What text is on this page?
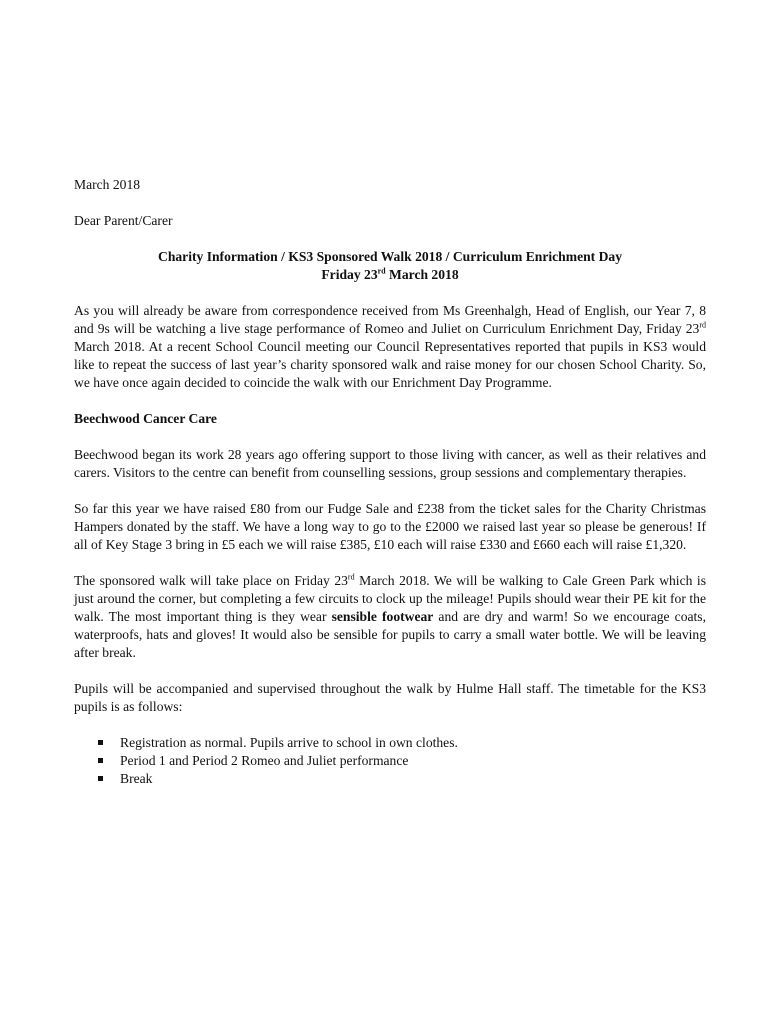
March 2018

Dear Parent/Carer

Charity Information / KS3 Sponsored Walk 2018 / Curriculum Enrichment Day
Friday 23rd March 2018

As you will already be aware from correspondence received from Ms Greenhalgh, Head of English, our Year 7, 8 and 9s will be watching a live stage performance of Romeo and Juliet on Curriculum Enrichment Day, Friday 23rd March 2018. At a recent School Council meeting our Council Representatives reported that pupils in KS3 would like to repeat the success of last year’s charity sponsored walk and raise money for our chosen School Charity. So, we have once again decided to coincide the walk with our Enrichment Day Programme.

Beechwood Cancer Care

Beechwood began its work 28 years ago offering support to those living with cancer, as well as their relatives and carers. Visitors to the centre can benefit from counselling sessions, group sessions and complementary therapies.

So far this year we have raised £80 from our Fudge Sale and £238 from the ticket sales for the Charity Christmas Hampers donated by the staff. We have a long way to go to the £2000 we raised last year so please be generous! If all of Key Stage 3 bring in £5 each we will raise £385, £10 each will raise £330 and £660 each will raise £1,320.

The sponsored walk will take place on Friday 23rd March 2018. We will be walking to Cale Green Park which is just around the corner, but completing a few circuits to clock up the mileage! Pupils should wear their PE kit for the walk. The most important thing is they wear sensible footwear and are dry and warm! So we encourage coats, waterproofs, hats and gloves! It would also be sensible for pupils to carry a small water bottle. We will be leaving after break.

Pupils will be accompanied and supervised throughout the walk by Hulme Hall staff. The timetable for the KS3 pupils is as follows:

Registration as normal. Pupils arrive to school in own clothes.
Period 1 and Period 2 Romeo and Juliet performance
Break
